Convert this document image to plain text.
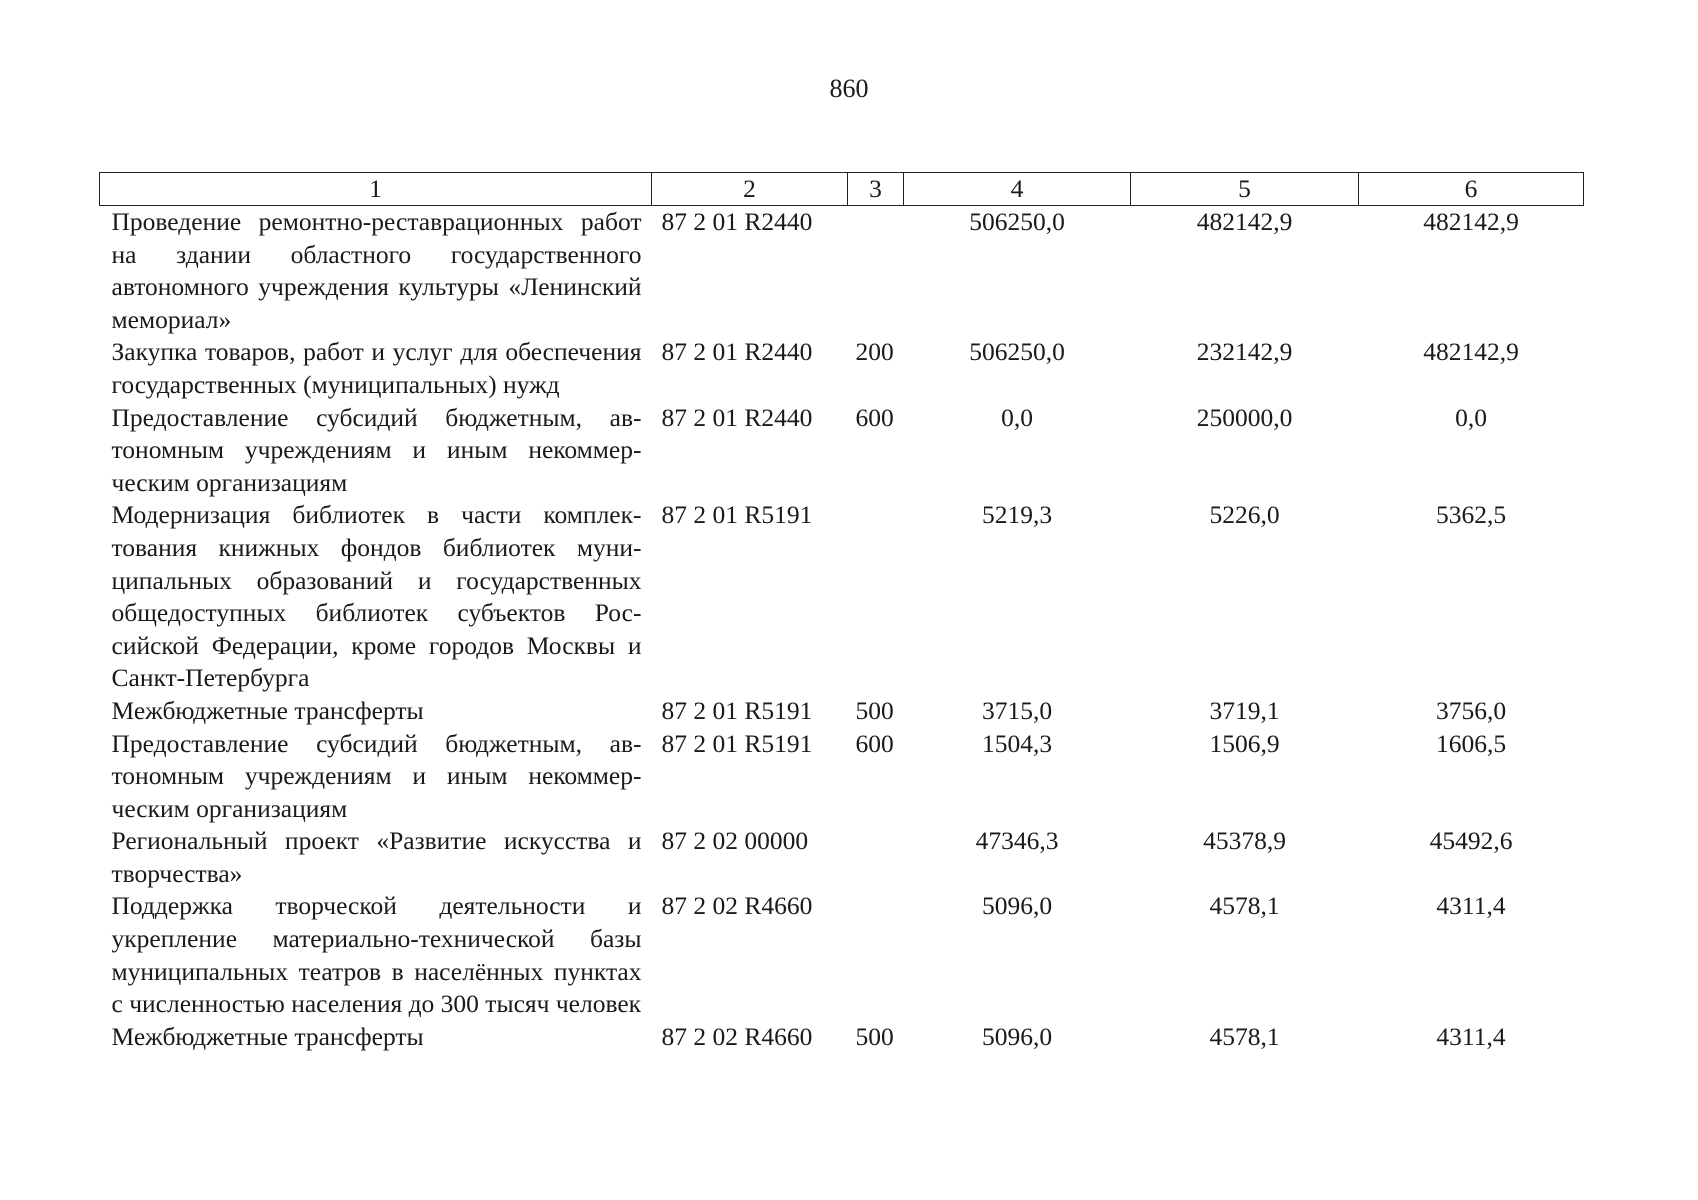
860
1	2	3	4	5	6
Проведение ремонтно-реставрационных работ на здании областного государственного автономного учреждения культуры «Ленинский мемориал»	87 2 01 R2440		506250,0	482142,9	482142,9
Закупка товаров, работ и услуг для обеспечения государственных (муниципальных) нужд	87 2 01 R2440	200	506250,0	232142,9	482142,9
Предоставление субсидий бюджетным, автономным учреждениям и иным некоммерческим организациям	87 2 01 R2440	600	0,0	250000,0	0,0
Модернизация библиотек в части комплектования книжных фондов библиотек муниципальных образований и государственных общедоступных библиотек субъектов Российской Федерации, кроме городов Москвы и Санкт-Петербурга	87 2 01 R5191		5219,3	5226,0	5362,5
Межбюджетные трансферты	87 2 01 R5191	500	3715,0	3719,1	3756,0
Предоставление субсидий бюджетным, автономным учреждениям и иным некоммерческим организациям	87 2 01 R5191	600	1504,3	1506,9	1606,5
Региональный проект «Развитие искусства и творчества»	87 2 02 00000		47346,3	45378,9	45492,6
Поддержка творческой деятельности и укрепление материально-технической базы муниципальных театров в населённых пунктах с численностью населения до 300 тысяч человек	87 2 02 R4660		5096,0	4578,1	4311,4
Межбюджетные трансферты	87 2 02 R4660	500	5096,0	4578,1	4311,4
